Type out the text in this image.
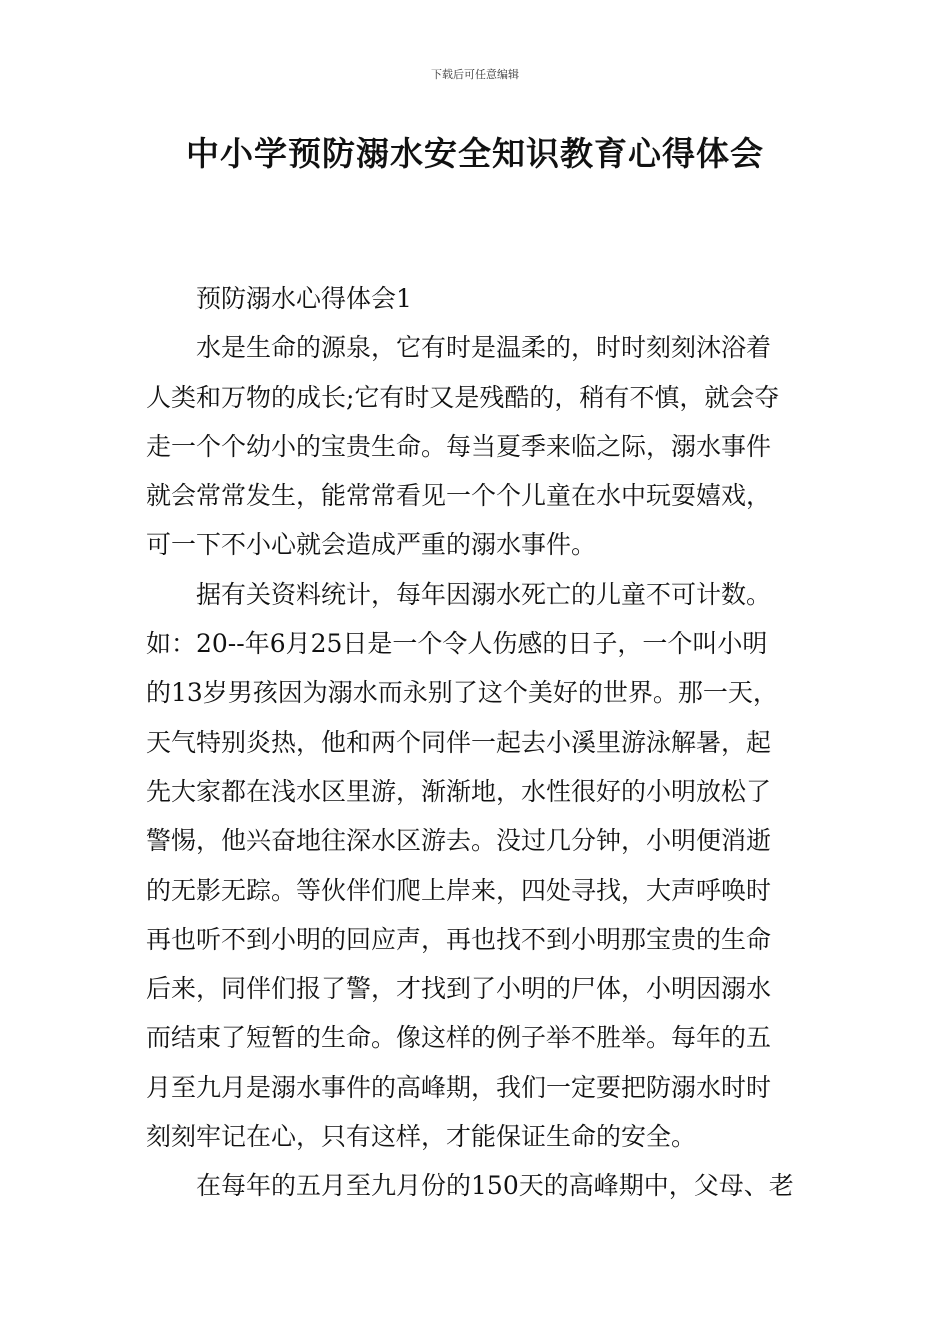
下载后可任意编辑
中小学预防溺水安全知识教育心得体会
预防溺水心得体会1
水是生命的源泉，它有时是温柔的，时时刻刻沐浴着
人类和万物的成长;它有时又是残酷的，稍有不慎，就会夺
走一个个幼小的宝贵生命。每当夏季来临之际，溺水事件
就会常常发生，能常常看见一个个儿童在水中玩耍嬉戏，
可一下不小心就会造成严重的溺水事件。
据有关资料统计，每年因溺水死亡的儿童不可计数。
如：20--年6月25日是一个令人伤感的日子，一个叫小明
的13岁男孩因为溺水而永别了这个美好的世界。那一天，
天气特别炎热，他和两个同伴一起去小溪里游泳解暑，起
先大家都在浅水区里游，渐渐地，水性很好的小明放松了
警惕，他兴奋地往深水区游去。没过几分钟，小明便消逝
的无影无踪。等伙伴们爬上岸来，四处寻找，大声呼唤时
再也听不到小明的回应声，再也找不到小明那宝贵的生命
后来，同伴们报了警，才找到了小明的尸体，小明因溺水
而结束了短暂的生命。像这样的例子举不胜举。每年的五
月至九月是溺水事件的高峰期，我们一定要把防溺水时时
刻刻牢记在心，只有这样，才能保证生命的安全。
在每年的五月至九月份的150天的高峰期中，父母、老
